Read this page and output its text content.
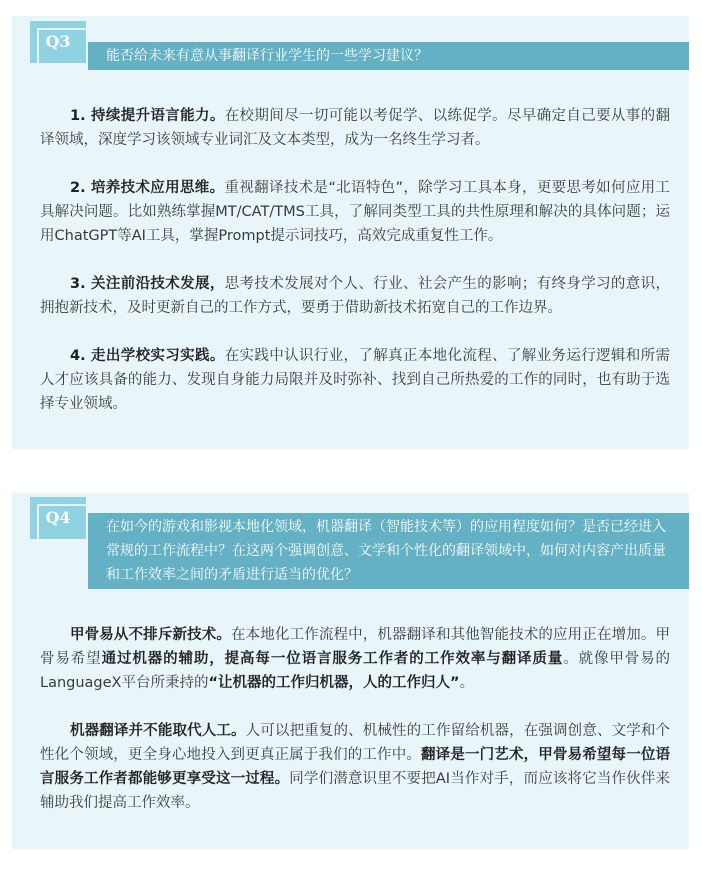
Q3
能否给未来有意从事翻译行业学生的一些学习建议？

1. 持续提升语言能力。在校期间尽一切可能以考促学、以练促学。尽早确定自己要从事的翻译领域，深度学习该领域专业词汇及文本类型，成为一名终生学习者。

2. 培养技术应用思维。重视翻译技术是“北语特色”，除学习工具本身，更要思考如何应用工具解决问题。比如熟练掌握MT/CAT/TMS工具，了解同类型工具的共性原理和解决的具体问题；运用ChatGPT等AI工具，掌握Prompt提示词技巧，高效完成重复性工作。

3. 关注前沿技术发展，思考技术发展对个人、行业、社会产生的影响；有终身学习的意识，拥抱新技术，及时更新自己的工作方式，要勇于借助新技术拓宽自己的工作边界。

4. 走出学校实习实践。在实践中认识行业，了解真正本地化流程、了解业务运行逻辑和所需人才应该具备的能力、发现自身能力局限并及时弥补、找到自己所热爱的工作的同时，也有助于选择专业领域。

Q4	在如今的游戏和影视本地化领域，机器翻译（智能技术等）的应用程度如何？是否已经进入常规的工作流程中？在这两个强调创意、文学和个性化的翻译领域中，如何对内容产出质量和工作效率之间的矛盾进行适当的优化？

甲骨易从不排斥新技术。在本地化工作流程中，机器翻译和其他智能技术的应用正在增加。甲骨易希望通过机器的辅助，提高每一位语言服务工作者的工作效率与翻译质量。就像甲骨易的LanguageX平台所秉持的“让机器的工作归机器，人的工作归人”。

机器翻译并不能取代人工。人可以把重复的、机械性的工作留给机器，在强调创意、文学和个性化个领域，更全身心地投入到更真正属于我们的工作中。翻译是一门艺术，甲骨易希望每一位语言服务工作者都能够更享受这一过程。同学们潜意识里不要把AI当作对手，而应该将它当作伙伴来辅助我们提高工作效率。
